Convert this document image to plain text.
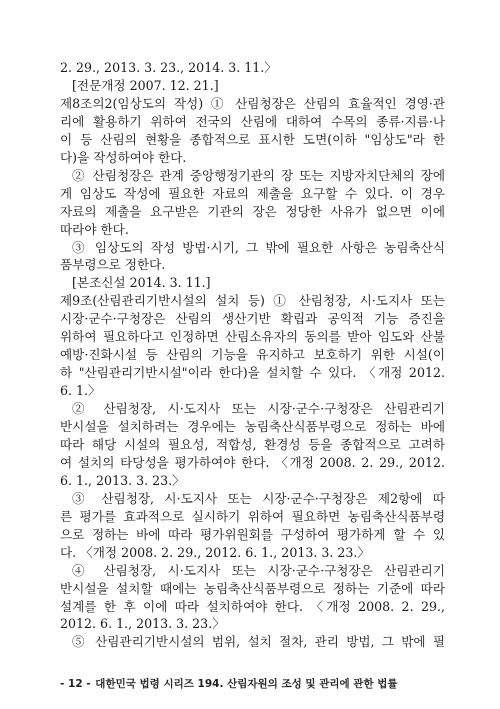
2. 29., 2013. 3. 23., 2014. 3. 11.〉
[전문개정 2007. 12. 21.]
제8조의2(임상도의 작성) ① 산림청장은 산림의 효율적인 경영·관
리에 활용하기 위하여 전국의 산림에 대하여 수목의 종류·지름·나
이 등 산림의 현황을 종합적으로 표시한 도면(이하 "임상도"라 한
다)을 작성하여야 한다.
② 산림청장은 관계 중앙행정기관의 장 또는 지방자치단체의 장에
게 임상도 작성에 필요한 자료의 제출을 요구할 수 있다. 이 경우
자료의 제출을 요구받은 기관의 장은 정당한 사유가 없으면 이에
따라야 한다.
③ 임상도의 작성 방법·시기, 그 밖에 필요한 사항은 농림축산식
품부령으로 정한다.
[본조신설 2014. 3. 11.]
제9조(산림관리기반시설의 설치 등) ① 산림청장, 시·도지사 또는
시장·군수·구청장은 산림의 생산기반 확립과 공익적 기능 증진을
위하여 필요하다고 인정하면 산림소유자의 동의를 받아 임도와 산불
예방·진화시설 등 산림의 기능을 유지하고 보호하기 위한 시설(이
하 "산림관리기반시설"이라 한다)을 설치할 수 있다. 〈개정 2012.
6. 1.〉
② 산림청장, 시·도지사 또는 시장·군수·구청장은 산림관리기
반시설을 설치하려는 경우에는 농림축산식품부령으로 정하는 바에
따라 해당 시설의 필요성, 적합성, 환경성 등을 종합적으로 고려하
여 설치의 타당성을 평가하여야 한다. 〈개정 2008. 2. 29., 2012.
6. 1., 2013. 3. 23.〉
③ 산림청장, 시·도지사 또는 시장·군수·구청장은 제2항에 따
른 평가를 효과적으로 실시하기 위하여 필요하면 농림축산식품부령
으로 정하는 바에 따라 평가위원회를 구성하여 평가하게 할 수 있
다. 〈개정 2008. 2. 29., 2012. 6. 1., 2013. 3. 23.〉
④ 산림청장, 시·도지사 또는 시장·군수·구청장은 산림관리기
반시설을 설치할 때에는 농림축산식품부령으로 정하는 기준에 따라
설계를 한 후 이에 따라 설치하여야 한다. 〈개정 2008. 2. 29.,
2012. 6. 1., 2013. 3. 23.〉
⑤ 산림관리기반시설의 범위, 설치 절차, 관리 방법, 그 밖에 필
- 12 - 대한민국 법령 시리즈 194. 산림자원의 조성 및 관리에 관한 법률
